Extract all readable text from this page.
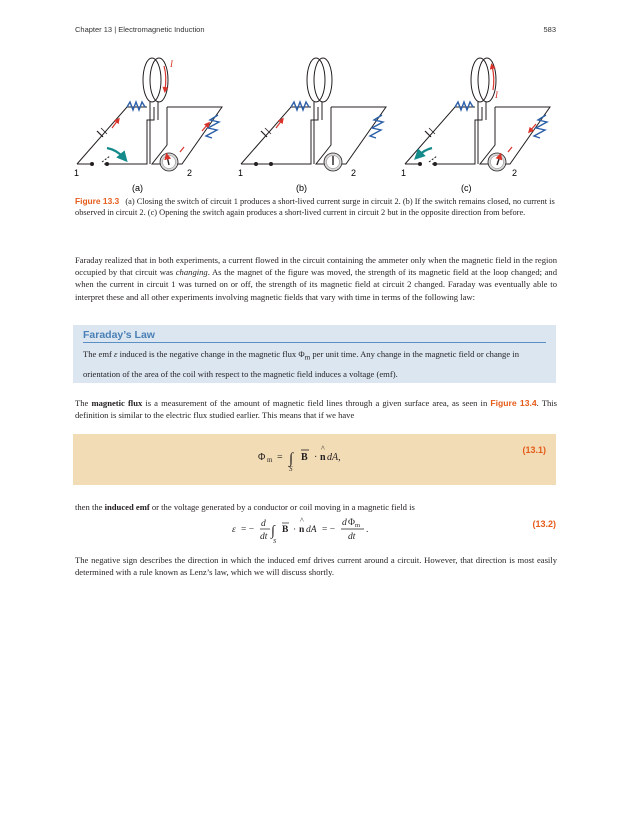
Chapter 13 | Electromagnetic Induction	583
1	2	1	2	1	2
I
I
(a)	(b)	(c)
Figure 13.3 (a) Closing the switch of circuit 1 produces a short-lived current surge in circuit 2. (b) If the switch remains closed, no current is observed in circuit 2. (c) Opening the switch again produces a short-lived current in circuit 2 but in the opposite direction from before.
Faraday realized that in both experiments, a current flowed in the circuit containing the ammeter only when the magnetic field in the region occupied by that circuit was changing. As the magnet of the figure was moved, the strength of its magnetic field at the loop changed; and when the current in circuit 1 was turned on or off, the strength of its magnetic field at circuit 2 changed. Faraday was eventually able to interpret these and all other experiments involving magnetic fields that vary with time in terms of the following law:
Faraday’s Law
The emf ε induced is the negative change in the magnetic flux $\Phi_m$ per unit time. Any change in the magnetic field or change in orientation of the area of the coil with respect to the magnetic field induces a voltage (emf).
The magnetic flux is a measurement of the amount of magnetic field lines through a given surface area, as seen in Figure 13.4. This definition is similar to the electric flux studied earlier. This means that if we have
Φ m = ∫
S
B · n
^
dA,
(13.1)
then the induced emf or the voltage generated by a conductor or coil moving in a magnetic field is
ε = −
d
dt ∫
S
B · n
^
dA = −
d Φ m
dt
.
(13.2)
The negative sign describes the direction in which the induced emf drives current around a circuit. However, that direction is most easily determined with a rule known as Lenz’s law, which we will discuss shortly.
